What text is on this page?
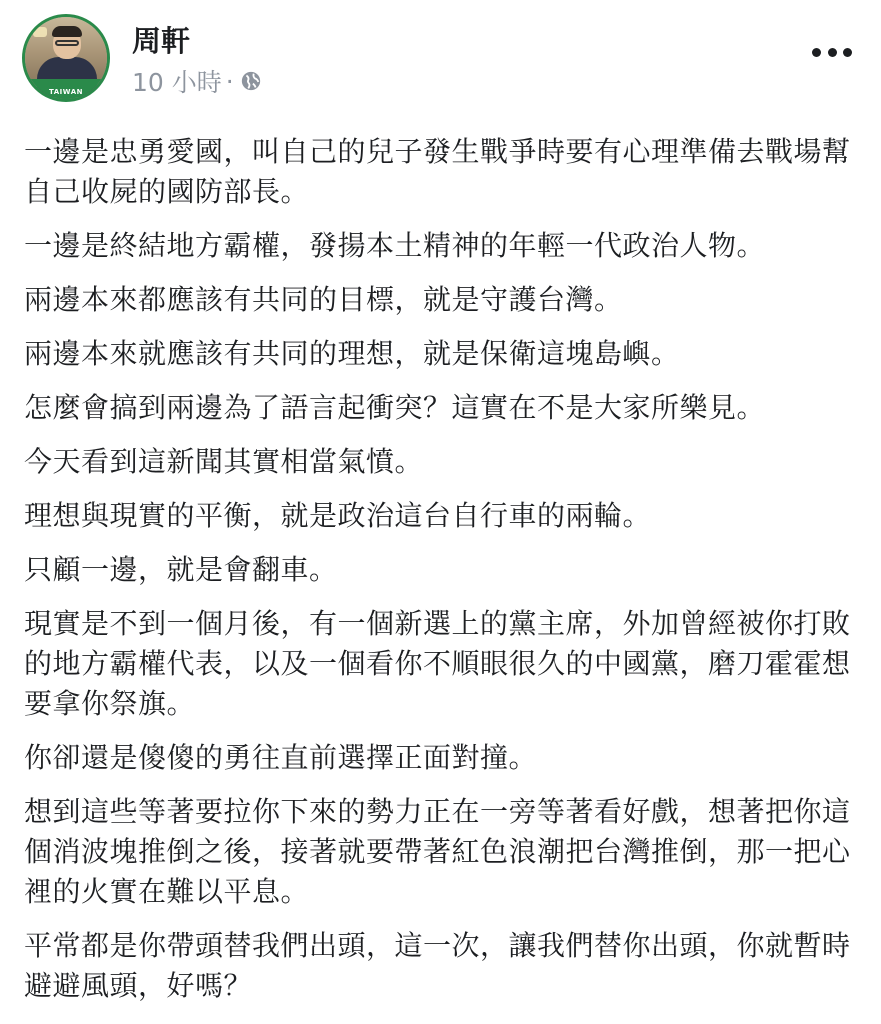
TAIWAN
周軒
10 小時 ·

一邊是忠勇愛國，叫自己的兒子發生戰爭時要有心理準備去戰場幫自己收屍的國防部長。

一邊是終結地方霸權，發揚本土精神的年輕一代政治人物。

兩邊本來都應該有共同的目標，就是守護台灣。

兩邊本來就應該有共同的理想，就是保衛這塊島嶼。

怎麼會搞到兩邊為了語言起衝突？這實在不是大家所樂見。

今天看到這新聞其實相當氣憤。

理想與現實的平衡，就是政治這台自行車的兩輪。

只顧一邊，就是會翻車。

現實是不到一個月後，有一個新選上的黨主席，外加曾經被你打敗的地方霸權代表，以及一個看你不順眼很久的中國黨，磨刀霍霍想要拿你祭旗。

你卻還是傻傻的勇往直前選擇正面對撞。

想到這些等著要拉你下來的勢力正在一旁等著看好戲，想著把你這個消波塊推倒之後，接著就要帶著紅色浪潮把台灣推倒，那一把心裡的火實在難以平息。

平常都是你帶頭替我們出頭，這一次，讓我們替你出頭，你就暫時避避風頭，好嗎？
